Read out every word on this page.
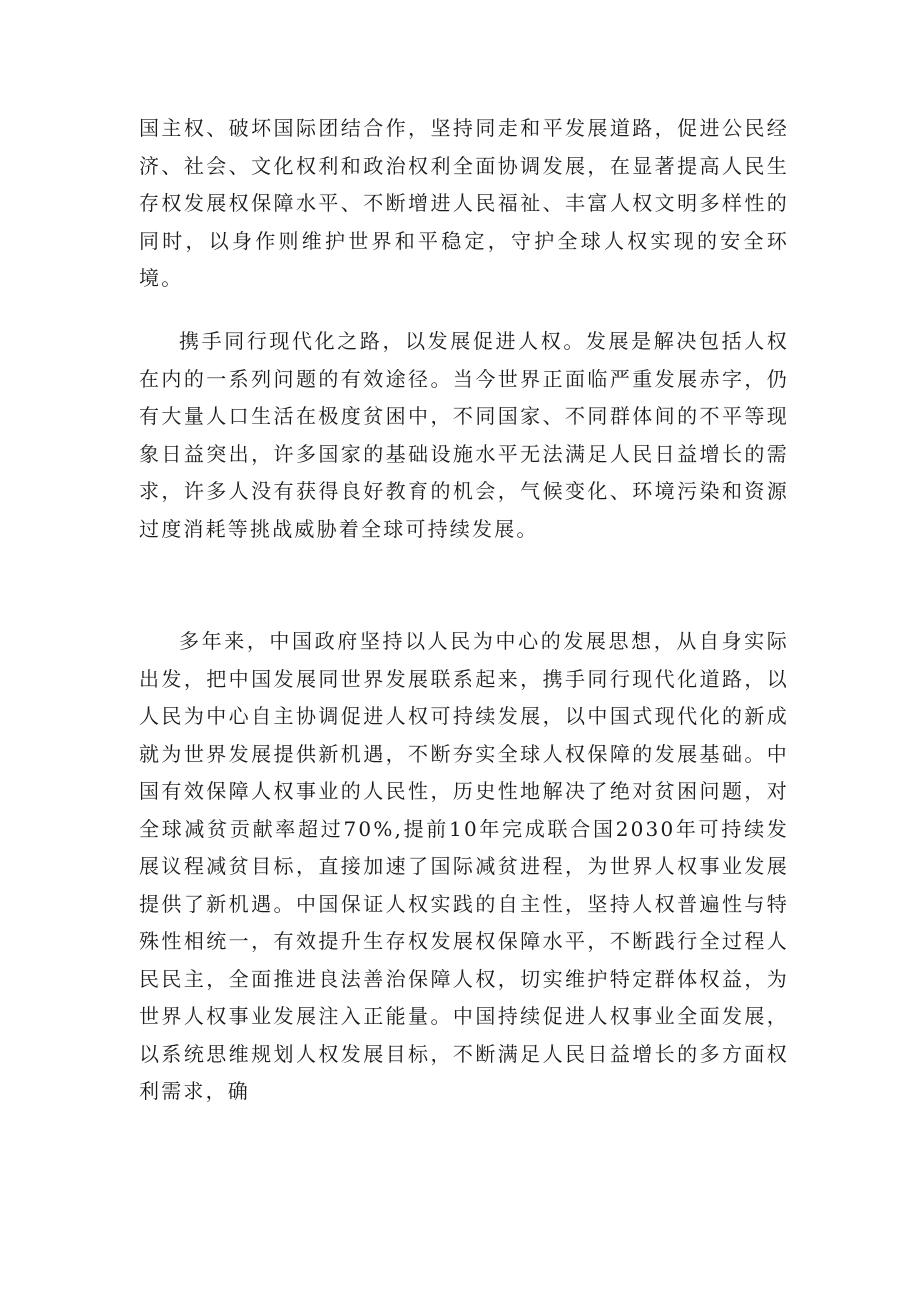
国主权、破坏国际团结合作，坚持同走和平发展道路，促进公民经济、社会、文化权利和政治权利全面协调发展，在显著提高人民生存权发展权保障水平、不断增进人民福祉、丰富人权文明多样性的同时，以身作则维护世界和平稳定，守护全球人权实现的安全环境。

携手同行现代化之路，以发展促进人权。发展是解决包括人权在内的一系列问题的有效途径。当今世界正面临严重发展赤字，仍有大量人口生活在极度贫困中，不同国家、不同群体间的不平等现象日益突出，许多国家的基础设施水平无法满足人民日益增长的需求，许多人没有获得良好教育的机会，气候变化、环境污染和资源过度消耗等挑战威胁着全球可持续发展。

多年来，中国政府坚持以人民为中心的发展思想，从自身实际出发，把中国发展同世界发展联系起来，携手同行现代化道路，以人民为中心自主协调促进人权可持续发展，以中国式现代化的新成就为世界发展提供新机遇，不断夯实全球人权保障的发展基础。中国有效保障人权事业的人民性，历史性地解决了绝对贫困问题，对全球减贫贡献率超过70%,提前10年完成联合国2030年可持续发展议程减贫目标，直接加速了国际减贫进程，为世界人权事业发展提供了新机遇。中国保证人权实践的自主性，坚持人权普遍性与特殊性相统一，有效提升生存权发展权保障水平，不断践行全过程人民民主，全面推进良法善治保障人权，切实维护特定群体权益，为世界人权事业发展注入正能量。中国持续促进人权事业全面发展，以系统思维规划人权发展目标，不断满足人民日益增长的多方面权利需求，确
